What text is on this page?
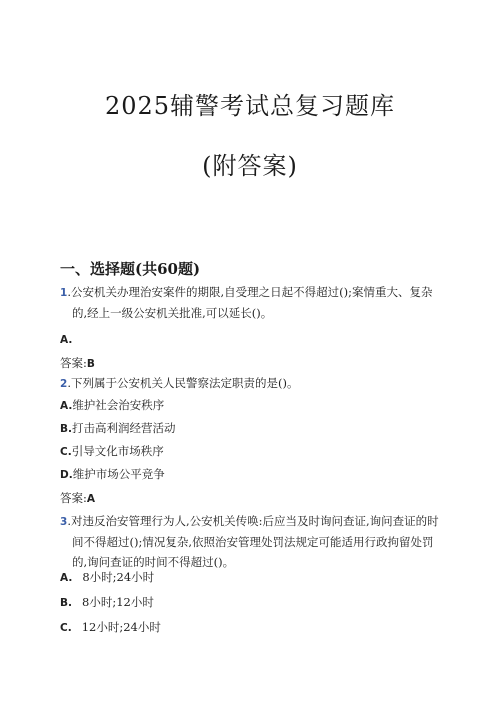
2025辅警考试总复习题库
(附答案)
一、选择题(共60题)
1.公安机关办理治安案件的期限,自受理之日起不得超过();案情重大、复杂的,经上一级公安机关批准,可以延长()。
A.
答案:B
2.下列属于公安机关人民警察法定职责的是()。
A.维护社会治安秩序
B.打击高利润经营活动
C.引导文化市场秩序
D.维护市场公平竞争
答案:A
3.对违反治安管理行为人,公安机关传唤:后应当及时询问查证,询问查证的时间不得超过();情况复杂,依照治安管理处罚法规定可能适用行政拘留处罚的,询问查证的时间不得超过()。
A. 8小时;24小时
B. 8小时;12小时
C. 12小时;24小时
